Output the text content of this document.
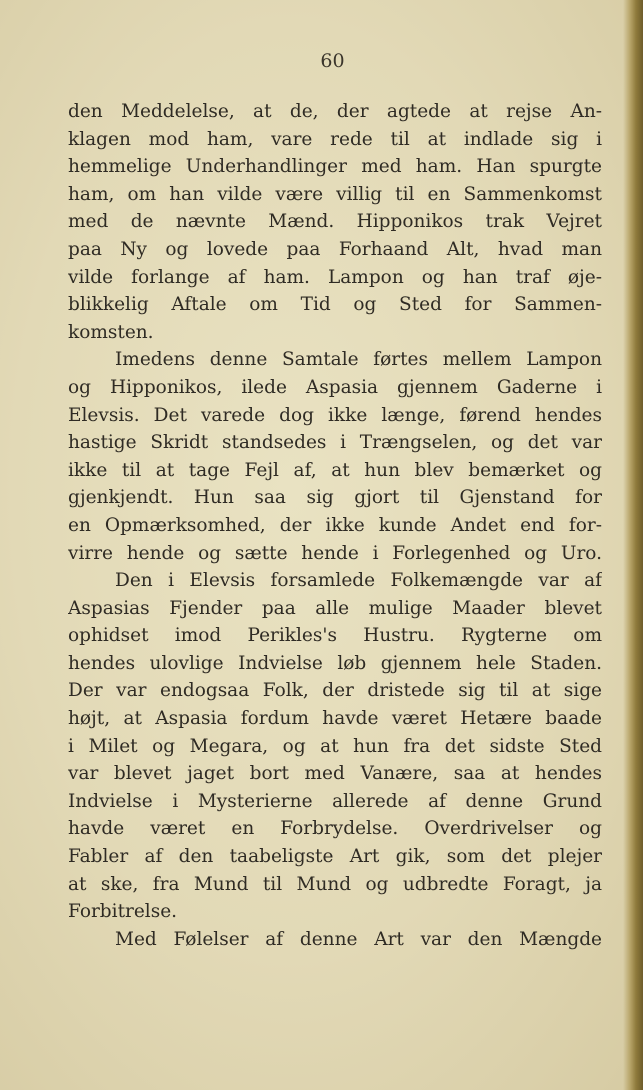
60
den Meddelelse, at de, der agtede at rejse An-
klagen mod ham, vare rede til at indlade sig i
hemmelige Underhandlinger med ham. Han spurgte
ham, om han vilde være villig til en Sammenkomst
med de nævnte Mænd. Hipponikos trak Vejret
paa Ny og lovede paa Forhaand Alt, hvad man
vilde forlange af ham. Lampon og han traf øje-
blikkelig Aftale om Tid og Sted for Sammen-
komsten.
Imedens denne Samtale førtes mellem Lampon
og Hipponikos, ilede Aspasia gjennem Gaderne i
Elevsis. Det varede dog ikke længe, førend hendes
hastige Skridt standsedes i Trængselen, og det var
ikke til at tage Fejl af, at hun blev bemærket og
gjenkjendt. Hun saa sig gjort til Gjenstand for
en Opmærksomhed, der ikke kunde Andet end for-
virre hende og sætte hende i Forlegenhed og Uro.
Den i Elevsis forsamlede Folkemængde var af
Aspasias Fjender paa alle mulige Maader blevet
ophidset imod Perikles's Hustru. Rygterne om
hendes ulovlige Indvielse løb gjennem hele Staden.
Der var endogsaa Folk, der dristede sig til at sige
højt, at Aspasia fordum havde været Hetære baade
i Milet og Megara, og at hun fra det sidste Sted
var blevet jaget bort med Vanære, saa at hendes
Indvielse i Mysterierne allerede af denne Grund
havde været en Forbrydelse. Overdrivelser og
Fabler af den taabeligste Art gik, som det plejer
at ske, fra Mund til Mund og udbredte Foragt, ja
Forbitrelse.
Med Følelser af denne Art var den Mængde
